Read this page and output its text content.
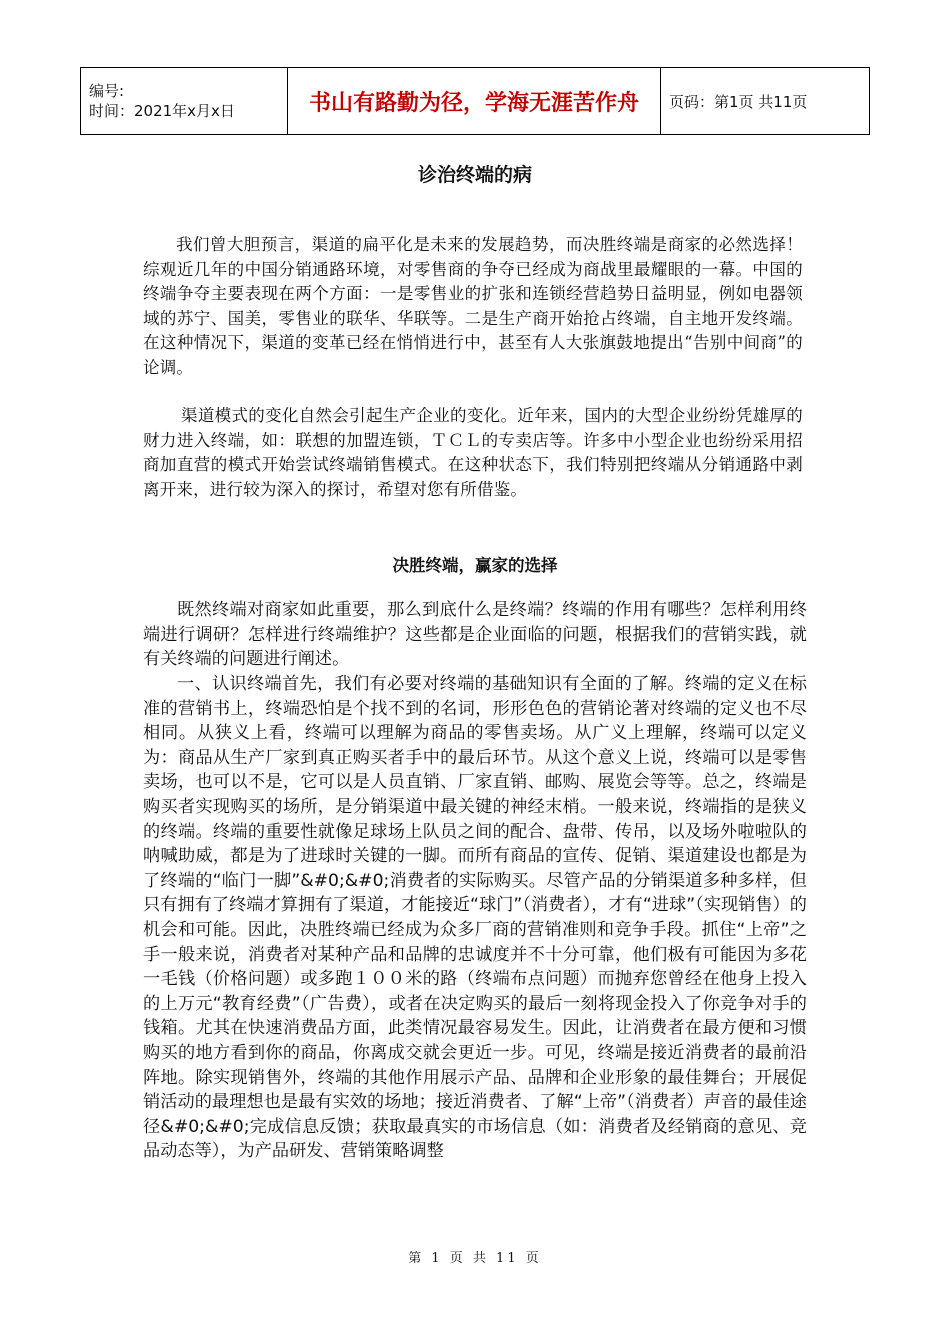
编号:
时间：2021年x月x日	书山有路勤为径，学海无涯苦作舟	页码：第1页 共11页
诊治终端的病
我们曾大胆预言，渠道的扁平化是未来的发展趋势，而决胜终端是商家的必然选择！综观近几年的中国分销通路环境，对零售商的争夺已经成为商战里最耀眼的一幕。中国的终端争夺主要表现在两个方面：一是零售业的扩张和连锁经营趋势日益明显，例如电器领域的苏宁、国美，零售业的联华、华联等。二是生产商开始抢占终端，自主地开发终端。在这种情况下，渠道的变革已经在悄悄进行中，甚至有人大张旗鼓地提出“告别中间商”的论调。
渠道模式的变化自然会引起生产企业的变化。近年来，国内的大型企业纷纷凭雄厚的财力进入终端，如：联想的加盟连锁，ＴＣＬ的专卖店等。许多中小型企业也纷纷采用招商加直营的模式开始尝试终端销售模式。在这种状态下，我们特别把终端从分销通路中剥离开来，进行较为深入的探讨，希望对您有所借鉴。
决胜终端，赢家的选择
既然终端对商家如此重要，那么到底什么是终端？终端的作用有哪些？怎样利用终端进行调研？怎样进行终端维护？这些都是企业面临的问题，根据我们的营销实践，就有关终端的问题进行阐述。
一、认识终端首先，我们有必要对终端的基础知识有全面的了解。终端的定义在标准的营销书上，终端恐怕是个找不到的名词，形形色色的营销论著对终端的定义也不尽相同。从狭义上看，终端可以理解为商品的零售卖场。从广义上理解，终端可以定义为：商品从生产厂家到真正购买者手中的最后环节。从这个意义上说，终端可以是零售卖场，也可以不是，它可以是人员直销、厂家直销、邮购、展览会等等。总之，终端是购买者实现购买的场所，是分销渠道中最关键的神经末梢。一般来说，终端指的是狭义的终端。终端的重要性就像足球场上队员之间的配合、盘带、传吊，以及场外啦啦队的呐喊助威，都是为了进球时关键的一脚。而所有商品的宣传、促销、渠道建设也都是为了终端的“临门一脚”&#0;&#0;消费者的实际购买。尽管产品的分销渠道多种多样，但只有拥有了终端才算拥有了渠道，才能接近“球门”（消费者），才有“进球”（实现销售）的机会和可能。因此，决胜终端已经成为众多厂商的营销准则和竞争手段。抓住“上帝”之手一般来说，消费者对某种产品和品牌的忠诚度并不十分可靠，他们极有可能因为多花一毛钱（价格问题）或多跑１００米的路（终端布点问题）而抛弃您曾经在他身上投入的上万元“教育经费”（广告费），或者在决定购买的最后一刻将现金投入了你竞争对手的钱箱。尤其在快速消费品方面，此类情况最容易发生。因此，让消费者在最方便和习惯购买的地方看到你的商品，你离成交就会更近一步。可见，终端是接近消费者的最前沿阵地。除实现销售外，终端的其他作用展示产品、品牌和企业形象的最佳舞台；开展促销活动的最理想也是最有实效的场地；接近消费者、了解“上帝”（消费者）声音的最佳途径&#0;&#0;完成信息反馈；获取最真实的市场信息（如：消费者及经销商的意见、竞品动态等），为产品研发、营销策略调整
第 1 页 共 11 页
